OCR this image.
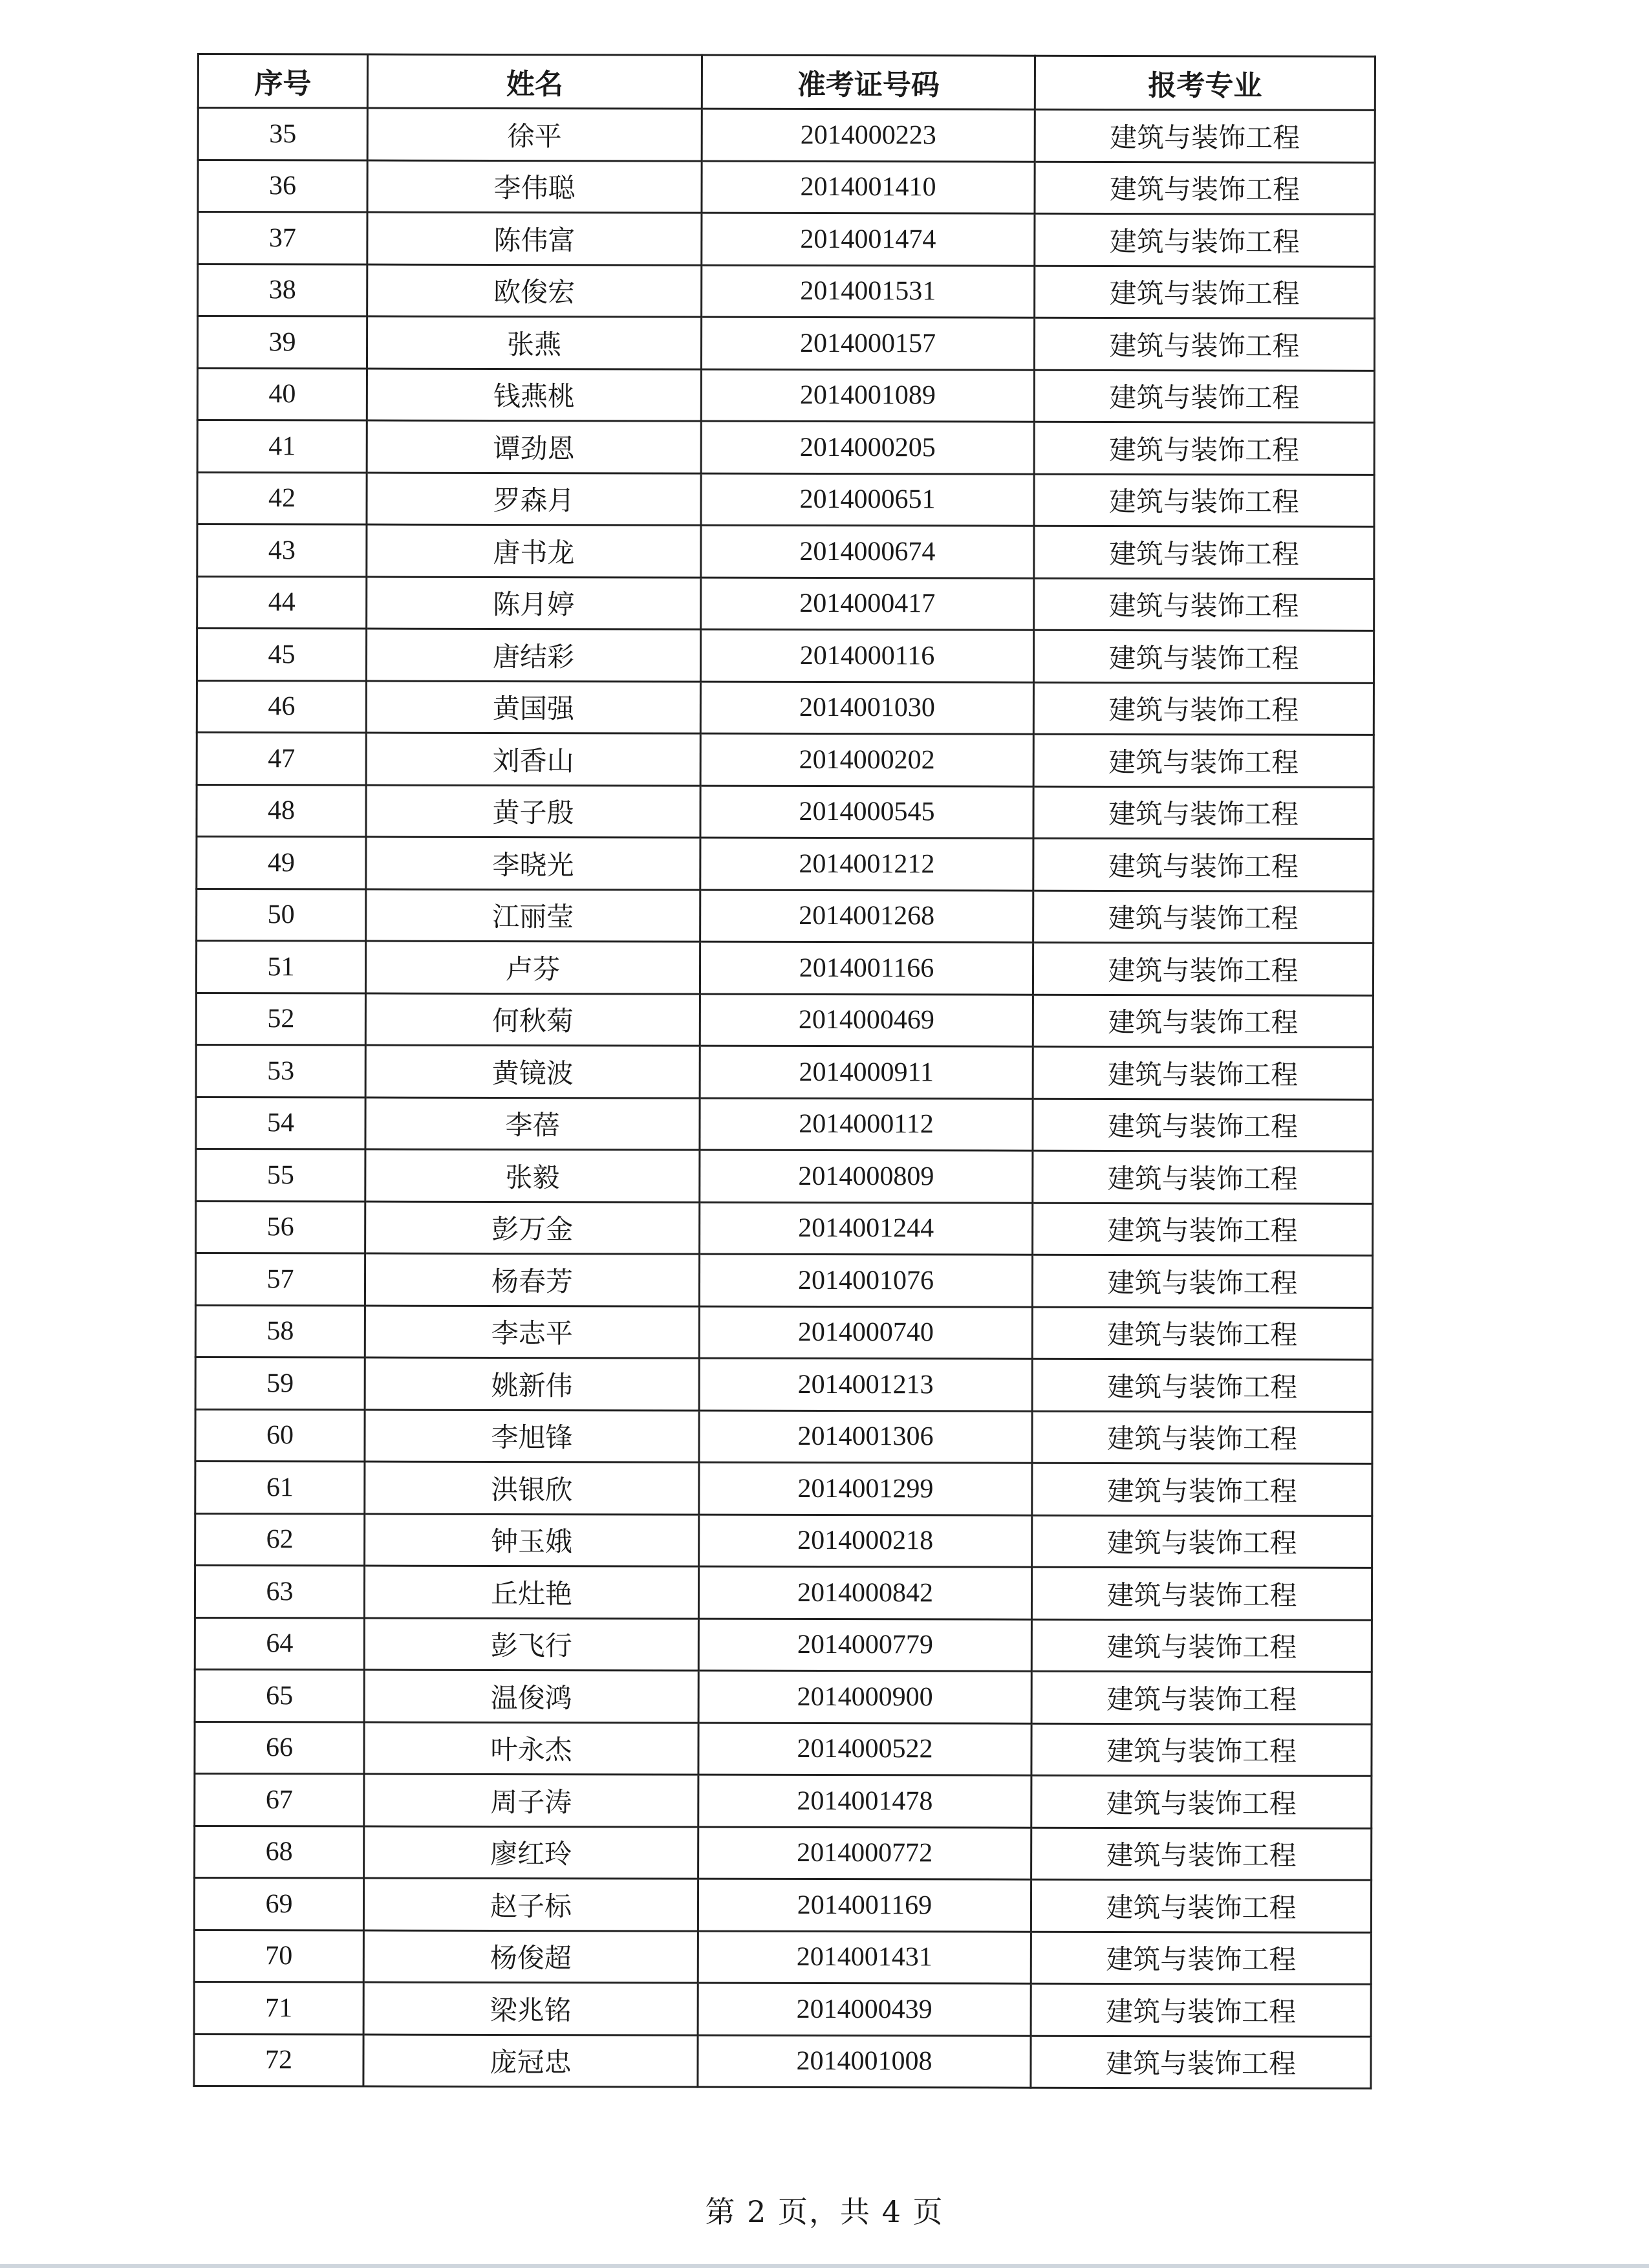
序号	姓名	准考证号码	报考专业
35	徐平	2014000223	建筑与装饰工程
36	李伟聪	2014001410	建筑与装饰工程
37	陈伟富	2014001474	建筑与装饰工程
38	欧俊宏	2014001531	建筑与装饰工程
39	张燕	2014000157	建筑与装饰工程
40	钱燕桃	2014001089	建筑与装饰工程
41	谭劲恩	2014000205	建筑与装饰工程
42	罗森月	2014000651	建筑与装饰工程
43	唐书龙	2014000674	建筑与装饰工程
44	陈月婷	2014000417	建筑与装饰工程
45	唐结彩	2014000116	建筑与装饰工程
46	黄国强	2014001030	建筑与装饰工程
47	刘香山	2014000202	建筑与装饰工程
48	黄子殷	2014000545	建筑与装饰工程
49	李晓光	2014001212	建筑与装饰工程
50	江丽莹	2014001268	建筑与装饰工程
51	卢芬	2014001166	建筑与装饰工程
52	何秋菊	2014000469	建筑与装饰工程
53	黄镜波	2014000911	建筑与装饰工程
54	李蓓	2014000112	建筑与装饰工程
55	张毅	2014000809	建筑与装饰工程
56	彭万金	2014001244	建筑与装饰工程
57	杨春芳	2014001076	建筑与装饰工程
58	李志平	2014000740	建筑与装饰工程
59	姚新伟	2014001213	建筑与装饰工程
60	李旭锋	2014001306	建筑与装饰工程
61	洪银欣	2014001299	建筑与装饰工程
62	钟玉娥	2014000218	建筑与装饰工程
63	丘灶艳	2014000842	建筑与装饰工程
64	彭飞行	2014000779	建筑与装饰工程
65	温俊鸿	2014000900	建筑与装饰工程
66	叶永杰	2014000522	建筑与装饰工程
67	周子涛	2014001478	建筑与装饰工程
68	廖红玲	2014000772	建筑与装饰工程
69	赵子标	2014001169	建筑与装饰工程
70	杨俊超	2014001431	建筑与装饰工程
71	梁兆铭	2014000439	建筑与装饰工程
72	庞冠忠	2014001008	建筑与装饰工程
第 2 页，共 4 页
